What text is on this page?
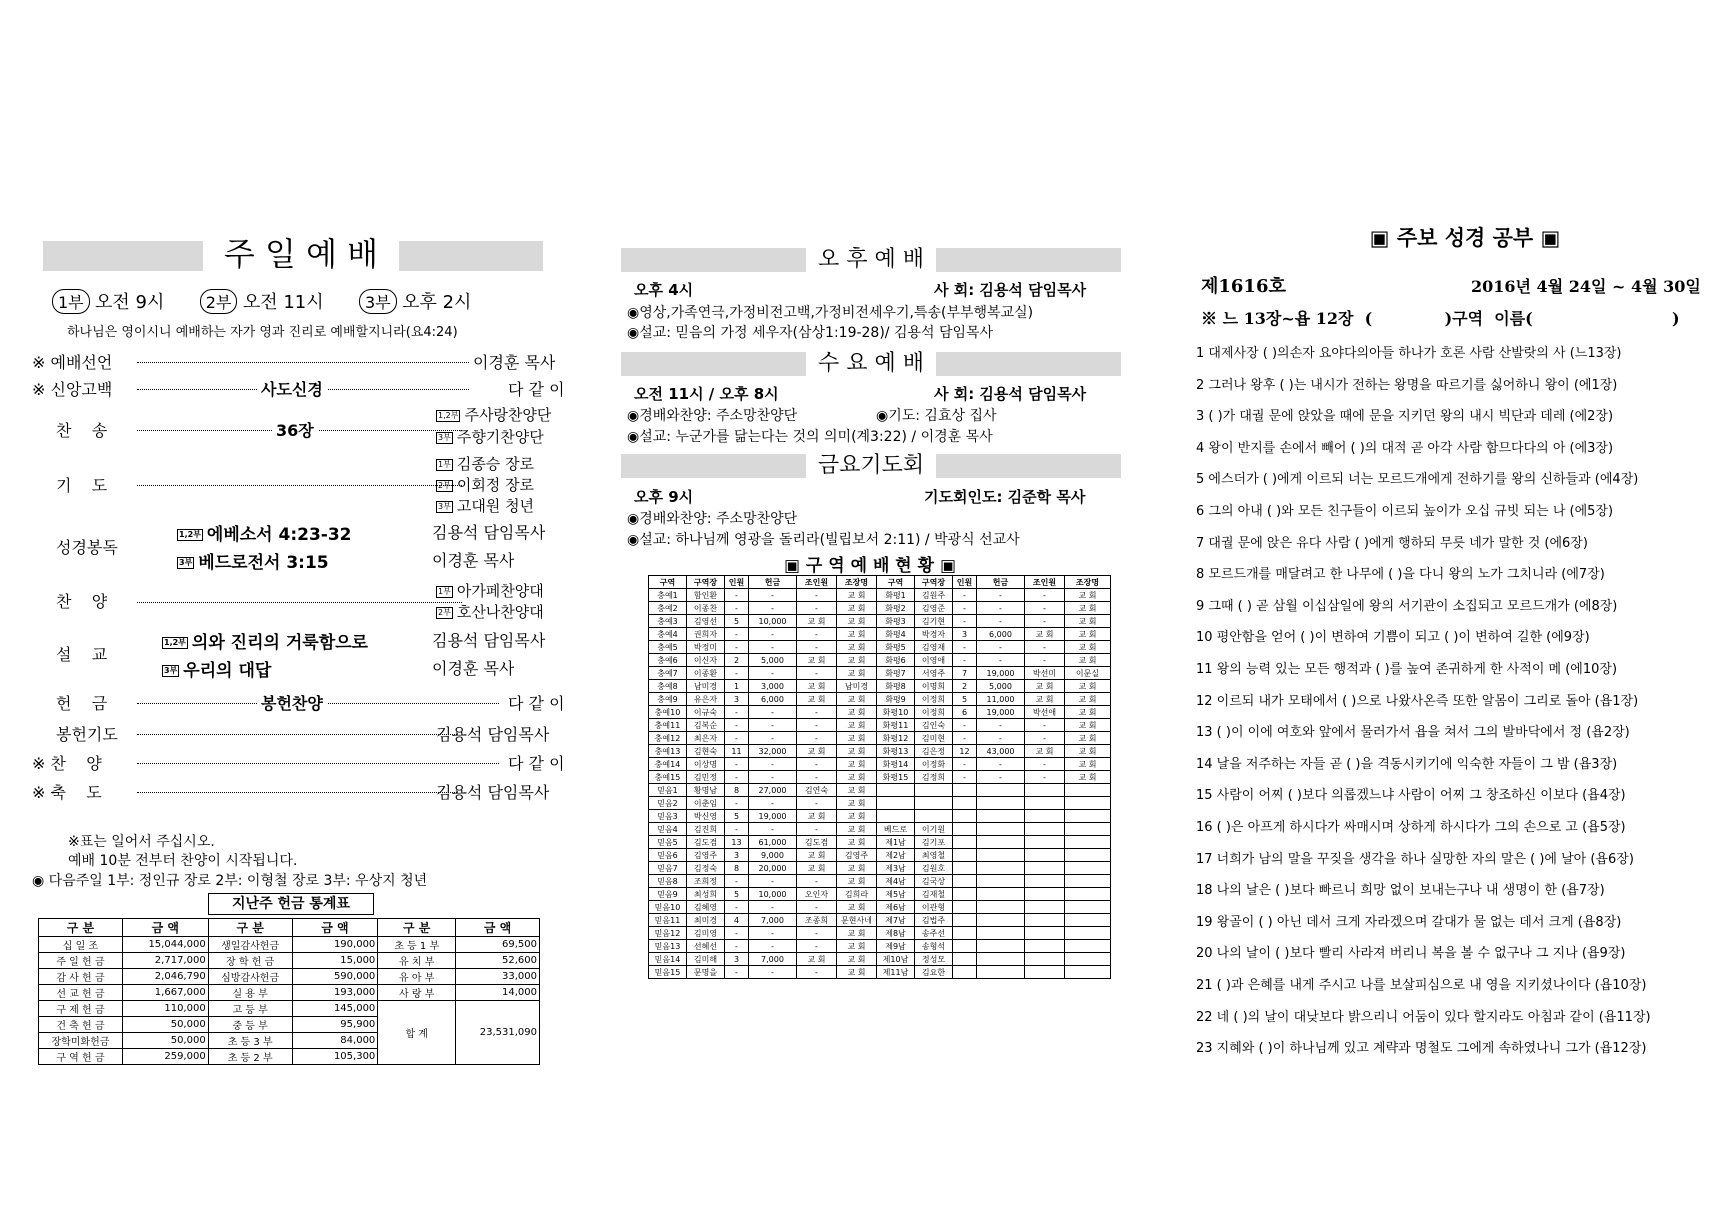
주 일 예 배
1부 오전 9시	2부 오전 11시	3부 오후 2시
하나님은 영이시니 예배하는 자가 영과 진리로 예배할지니라(요4:24)
※ 예배선언	이경훈 목사
※ 신앙고백	사도신경	다 같 이
찬    송	36장
1,2부 주사랑찬양단
3부 주향기찬양단
기    도
1부 김종승 장로
2부 이회정 장로
3부 고대원 청년
성경봉독
1,2부 에베소서 4:23-32	김용석 담임목사
3부 베드로전서 3:15	이경훈 목사
찬    양
1부 아가페찬양대
2부 호산나찬양대
설    교
1,2부 의와 진리의 거룩함으로	김용석 담임목사
3부 우리의 대답	이경훈 목사
헌    금	봉헌찬양	다 같 이
봉헌기도	김용석 담임목사
※ 찬    양	다 같 이
※ 축    도	김용석 담임목사
※표는 일어서 주십시오.
예배 10분 전부터 찬양이 시작됩니다.
◉ 다음주일 1부: 정인규 장로 2부: 이형철 장로 3부: 우상지 청년
지난주 헌금 통계표
구 분	금 액	구 분	금 액	구 분	금 액
십 일 조	15,044,000	생일감사헌금	190,000	초 등 1 부	69,500
주 일 헌 금	2,717,000	장 학 헌 금	15,000	유 치 부	52,600
감 사 헌 금	2,046,790	심방감사헌금	590,000	유 아 부	33,000
선 교 헌 금	1,667,000	실 용 부	193,000	사 랑 부	14,000
구 제 헌 금	110,000	고 등 부	145,000	합 계	23,531,090
건 축 헌 금	50,000	중 등 부	95,900		
장학미화헌금	50,000	초 등 3 부	84,000		
구 역 헌 금	259,000	초 등 2 부	105,300		
오 후 예 배
오후 4시	사 회: 김용석 담임목사
◉영상,가족연극,가정비전고백,가정비전세우기,특송(부부행복교실)
◉설교: 믿음의 가정 세우자(삼상1:19-28)/ 김용석 담임목사
수 요 예 배
오전 11시 / 오후 8시	사 회: 김용석 담임목사
◉경배와찬양: 주소망찬양단	◉기도: 김효상 집사
◉설교: 누군가를 닮는다는 것의 의미(계3:22) / 이경훈 목사
금요기도회
오후 9시	기도회인도: 김준학 목사
◉경배와찬양: 주소망찬양단
◉설교: 하나님께 영광을 돌리라(빌립보서 2:11) / 박광식 선교사
▣ 구 역 예 배 현 황 ▣
구역	구역장	인원	헌금	조인원	조장명	구역	구역장	인원	헌금	조인원	조장명
충예1	함인환	-	-	-	교 회	화평1	김원주	-	-	-	교 회
충예2	이종찬	-	-	-	교 회	화평2	김영준	-	-	-	교 회
충예3	김영선	5	10,000	교 회	교 회	화평3	김기현	-	-	-	교 회
충예4	권희자	-	-	-	교 회	화평4	박경자	3	6,000	교 회	교 회
충예5	박정미	-	-	-	교 회	화평5	김영재	-	-	-	교 회
충예6	이신자	2	5,000	교 회	교 회	화평6	이영애	-	-	-	교 회
충예7	이종환	-	-	-	교 회	화평7	서영주	7	19,000	박선미	이문실
충예8	남미경	1	3,000	교 회	남미경	화평8	이명희	2	5,000	교 회	교 회
충예9	유은자	3	6,000	교 회	교 회	화평9	이정희	5	11,000	교 회	교 회
충예10	이규숙	-	-	-	교 회	화평10	이정희	6	19,000	박선애	교 회
충예11	김복순	-	-	-	교 회	화평11	김인숙	-	-	-	교 회
충예12	최은자	-	-	-	교 회	화평12	김미현	-	-	-	교 회
충예13	김현숙	11	32,000	교 회	교 회	화평13	김은정	12	43,000	교 회	교 회
충예14	이상명	-	-	-	교 회	화평14	이정화	-	-	-	교 회
충예15	김민정	-	-	-	교 회	화평15	김정희	-	-	-	교 회
믿음1	황명남	8	27,000	김연숙	교 회						
믿음2	이춘임	-	-	-	교 회						
믿음3	박신영	5	19,000	교 회	교 회						
믿음4	김진희	-	-	-	교 회	베드로	이기원				
믿음5	김도겸	13	61,000	김도겸	교 회	제1남	김기포				
믿음6	김영주	3	9,000	교 회	김영주	제2남	최영철				
믿음7	김정숙	8	20,000	교 회	교 회	제3남	김원호				
믿음8	조희정	-	-	-	교 회	제4남	김국상				
믿음9	최성희	5	10,000	오인자	김희라	제5남	김재철				
믿음10	김혜영	-	-	-	교 회	제6남	이관형				
믿음11	최미경	4	7,000	조종희	문현사네	제7남	김법주				
믿음12	김미영	-	-	-	교 회	제8남	송주선				
믿음13	선혜선	-	-	-	교 회	제9남	송형석				
믿음14	김미해	3	7,000	교 회	교 회	제10남	정성모				
믿음15	문명을	-	-	-	교 회	제11남	김요한				
▣ 주보 성경 공부 ▣
제1616호	2016년 4월 24일 ~ 4월 30일
※ 느 13장~욥 12장  (             )구역  이름(                         )
1 대제사장 ( )의손자 요야다의아들 하나가 호론 사람 산발랏의 사 (느13장)
2 그러나 왕후 ( )는 내시가 전하는 왕명을 따르기를 싫어하니 왕이 (에1장)
3 ( )가 대궐 문에 앉았을 때에 문을 지키던 왕의 내시 빅단과 데레 (에2장)
4 왕이 반지를 손에서 빼어 ( )의 대적 곧 아각 사람 함므다다의 아 (에3장)
5 에스더가 ( )에게 이르되 너는 모르드개에게 전하기를 왕의 신하들과 (에4장)
6 그의 아내 ( )와 모든 친구들이 이르되 높이가 오십 규빗 되는 나 (에5장)
7 대궐 문에 앉은 유다 사람 ( )에게 행하되 무릇 네가 말한 것 (에6장)
8 모르드개를 매달려고 한 나무에 ( )을 다니 왕의 노가 그치니라 (에7장)
9 그때 ( ) 곧 삼월 이십삼일에 왕의 서기관이 소집되고 모르드개가 (에8장)
10 평안함을 얻어 ( )이 변하여 기쁨이 되고 ( )이 변하여 길한 (에9장)
11 왕의 능력 있는 모든 행적과 ( )를 높여 존귀하게 한 사적이 메 (에10장)
12 이르되 내가 모태에서 ( )으로 나왔사온즉 또한 알몸이 그리로 돌아 (욥1장)
13 ( )이 이에 여호와 앞에서 물러가서 욥을 쳐서 그의 발바닥에서 정 (욥2장)
14 날을 저주하는 자들 곧 ( )을 격동시키기에 익숙한 자들이 그 밤 (욥3장)
15 사람이 어찌 ( )보다 의롭겠느냐 사람이 어찌 그 창조하신 이보다 (욥4장)
16 ( )은 아프게 하시다가 싸매시며 상하게 하시다가 그의 손으로 고 (욥5장)
17 너희가 남의 말을 꾸짖을 생각을 하나 실망한 자의 말은 ( )에 날아 (욥6장)
18 나의 날은 ( )보다 빠르니 희망 없이 보내는구나 내 생명이 한 (욥7장)
19 왕골이 ( ) 아닌 데서 크게 자라겠으며 갈대가 물 없는 데서 크게 (욥8장)
20 나의 날이 ( )보다 빨리 사라져 버리니 복을 볼 수 없구나 그 지나 (욥9장)
21 ( )과 은혜를 내게 주시고 나를 보살피심으로 내 영을 지키셨나이다 (욥10장)
22 네 ( )의 날이 대낮보다 밝으리니 어둠이 있다 할지라도 아침과 같이 (욥11장)
23 지혜와 ( )이 하나님께 있고 계략과 명철도 그에게 속하였나니 그가 (욥12장)
